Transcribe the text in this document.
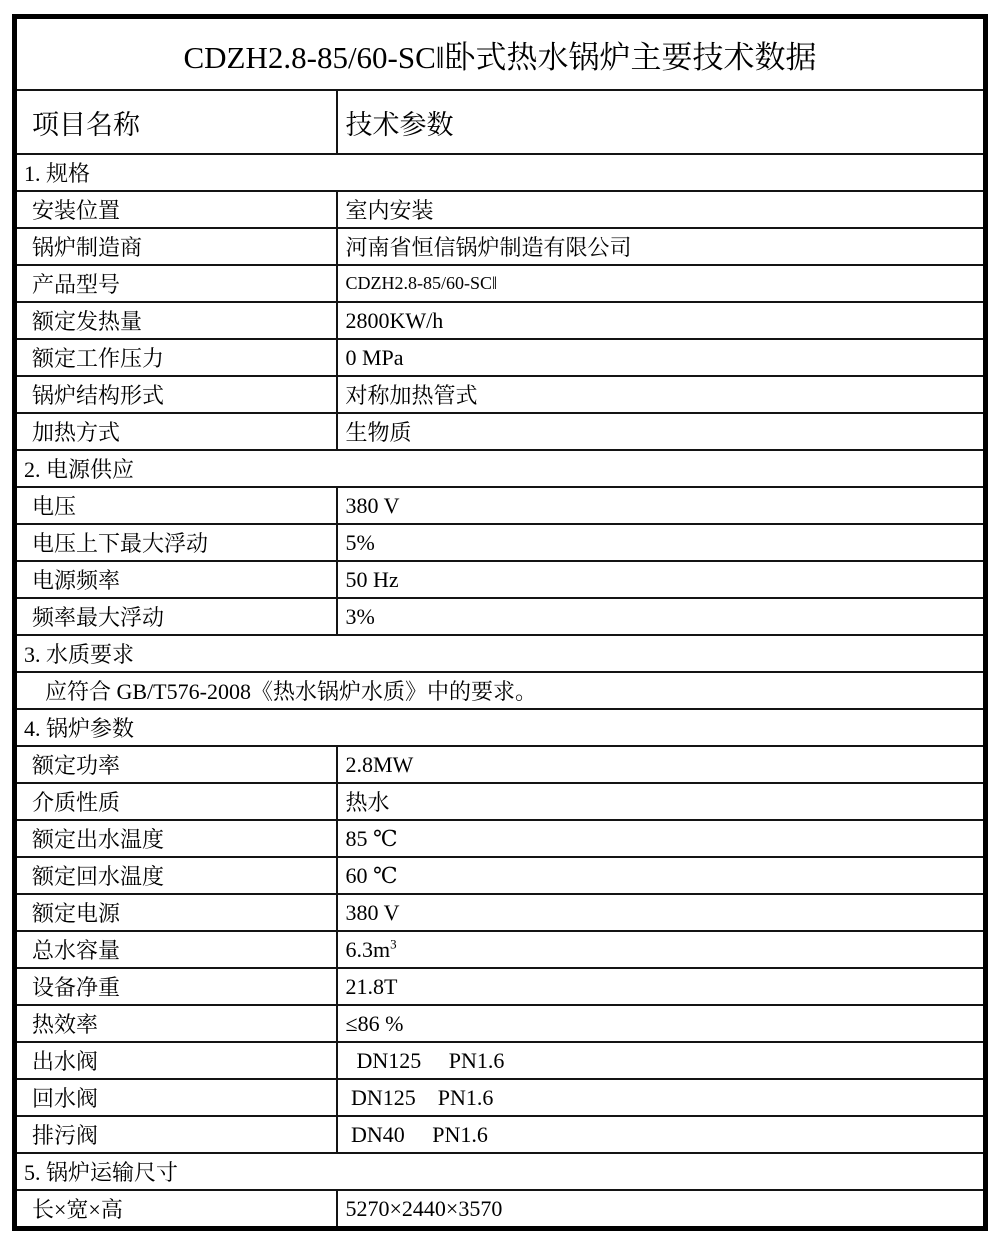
CDZH2.8-85/60-SC‖卧式热水锅炉主要技术数据	
项目名称	技术参数
1. 规格	
安装位置	室内安装
锅炉制造商	河南省恒信锅炉制造有限公司
产品型号	CDZH2.8-85/60-SC‖
额定发热量	2800KW/h
额定工作压力	0 MPa
锅炉结构形式	对称加热管式
加热方式	生物质
2. 电源供应	
电压	380 V
电压上下最大浮动	5%
电源频率	50 Hz
频率最大浮动	3%
3. 水质要求	
应符合 GB/T576-2008《热水锅炉水质》中的要求。	
4. 锅炉参数	
额定功率	2.8MW
介质性质	热水
额定出水温度	85 ℃
额定回水温度	60 ℃
额定电源	380 V
总水容量	$6.3m^3$
设备净重	21.8T
热效率	≤86 %
出水阀	DN125     PN1.6
回水阀	DN125    PN1.6
排污阀	DN40     PN1.6
5. 锅炉运输尺寸	
长×宽×高	5270×2440×3570
